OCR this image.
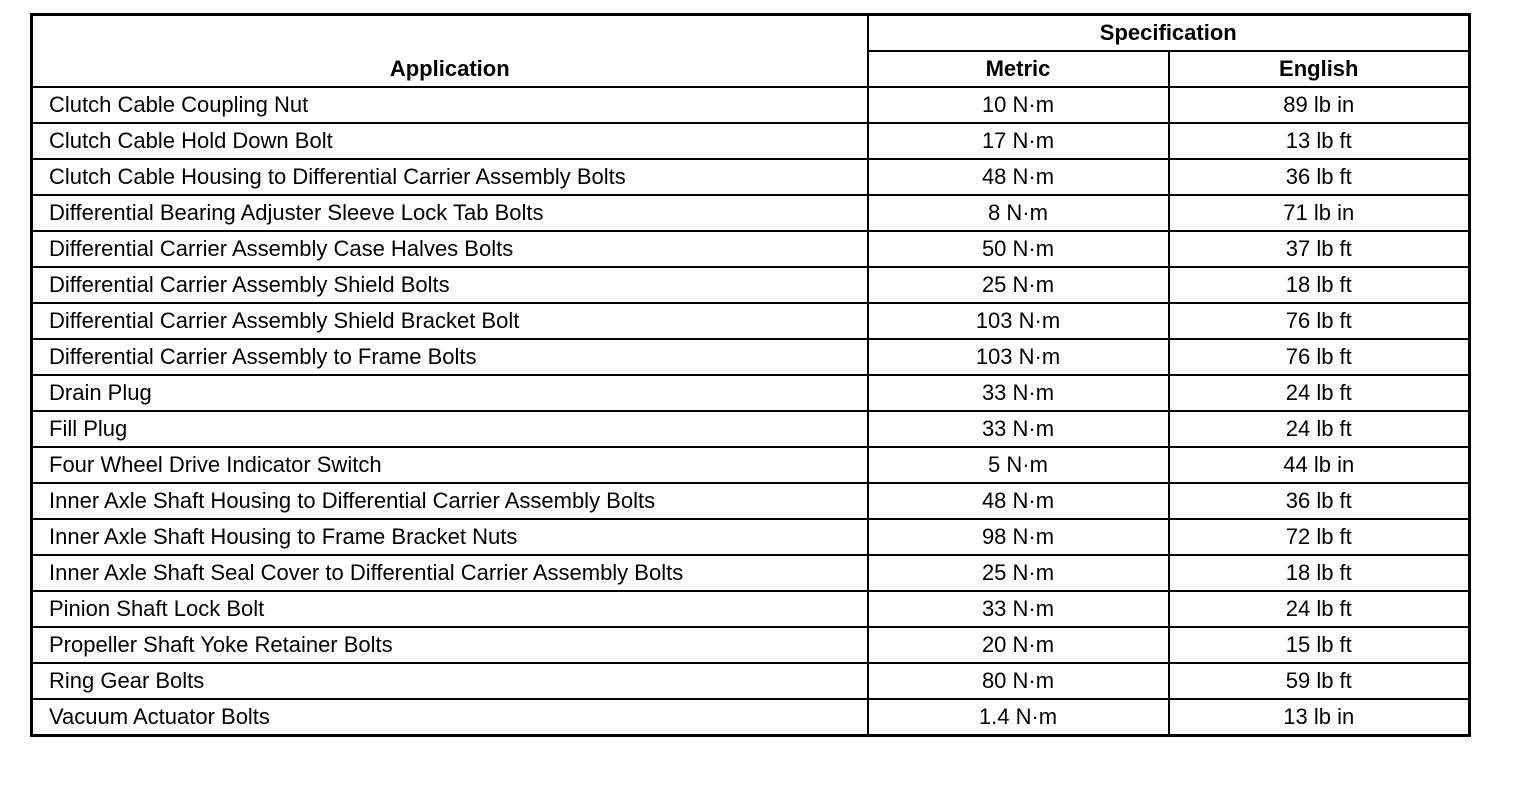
Application	Specification	
	Metric	English
Clutch Cable Coupling Nut	10 N·m	89 lb in
Clutch Cable Hold Down Bolt	17 N·m	13 lb ft
Clutch Cable Housing to Differential Carrier Assembly Bolts	48 N·m	36 lb ft
Differential Bearing Adjuster Sleeve Lock Tab Bolts	8 N·m	71 lb in
Differential Carrier Assembly Case Halves Bolts	50 N·m	37 lb ft
Differential Carrier Assembly Shield Bolts	25 N·m	18 lb ft
Differential Carrier Assembly Shield Bracket Bolt	103 N·m	76 lb ft
Differential Carrier Assembly to Frame Bolts	103 N·m	76 lb ft
Drain Plug	33 N·m	24 lb ft
Fill Plug	33 N·m	24 lb ft
Four Wheel Drive Indicator Switch	5 N·m	44 lb in
Inner Axle Shaft Housing to Differential Carrier Assembly Bolts	48 N·m	36 lb ft
Inner Axle Shaft Housing to Frame Bracket Nuts	98 N·m	72 lb ft
Inner Axle Shaft Seal Cover to Differential Carrier Assembly Bolts	25 N·m	18 lb ft
Pinion Shaft Lock Bolt	33 N·m	24 lb ft
Propeller Shaft Yoke Retainer Bolts	20 N·m	15 lb ft
Ring Gear Bolts	80 N·m	59 lb ft
Vacuum Actuator Bolts	1.4 N·m	13 lb in
